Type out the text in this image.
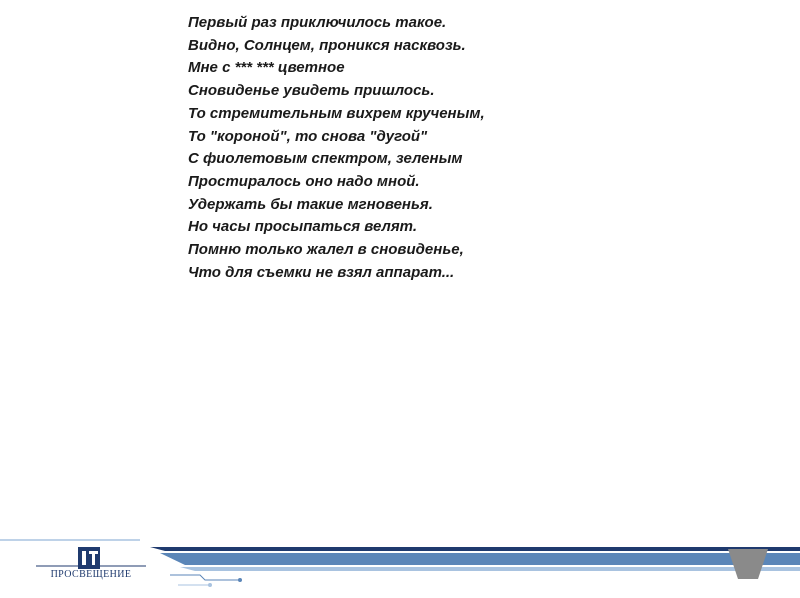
Первый раз приключилось такое.
Видно, Солнцем, проникся насквозь.
Мне с *** *** цветное
Сновиденье увидеть пришлось.
То стремительным вихрем крученым,
То "короной", то снова "дугой"
С фиолетовым спектром, зеленым
Простиралось оно надо мной.
Удержать бы такие мгновенья.
Но часы просыпаться велят.
Помню только жалел в сновиденье,
Что для съемки не взял аппарат...
ПРОСВЕЩЕНИЕ
